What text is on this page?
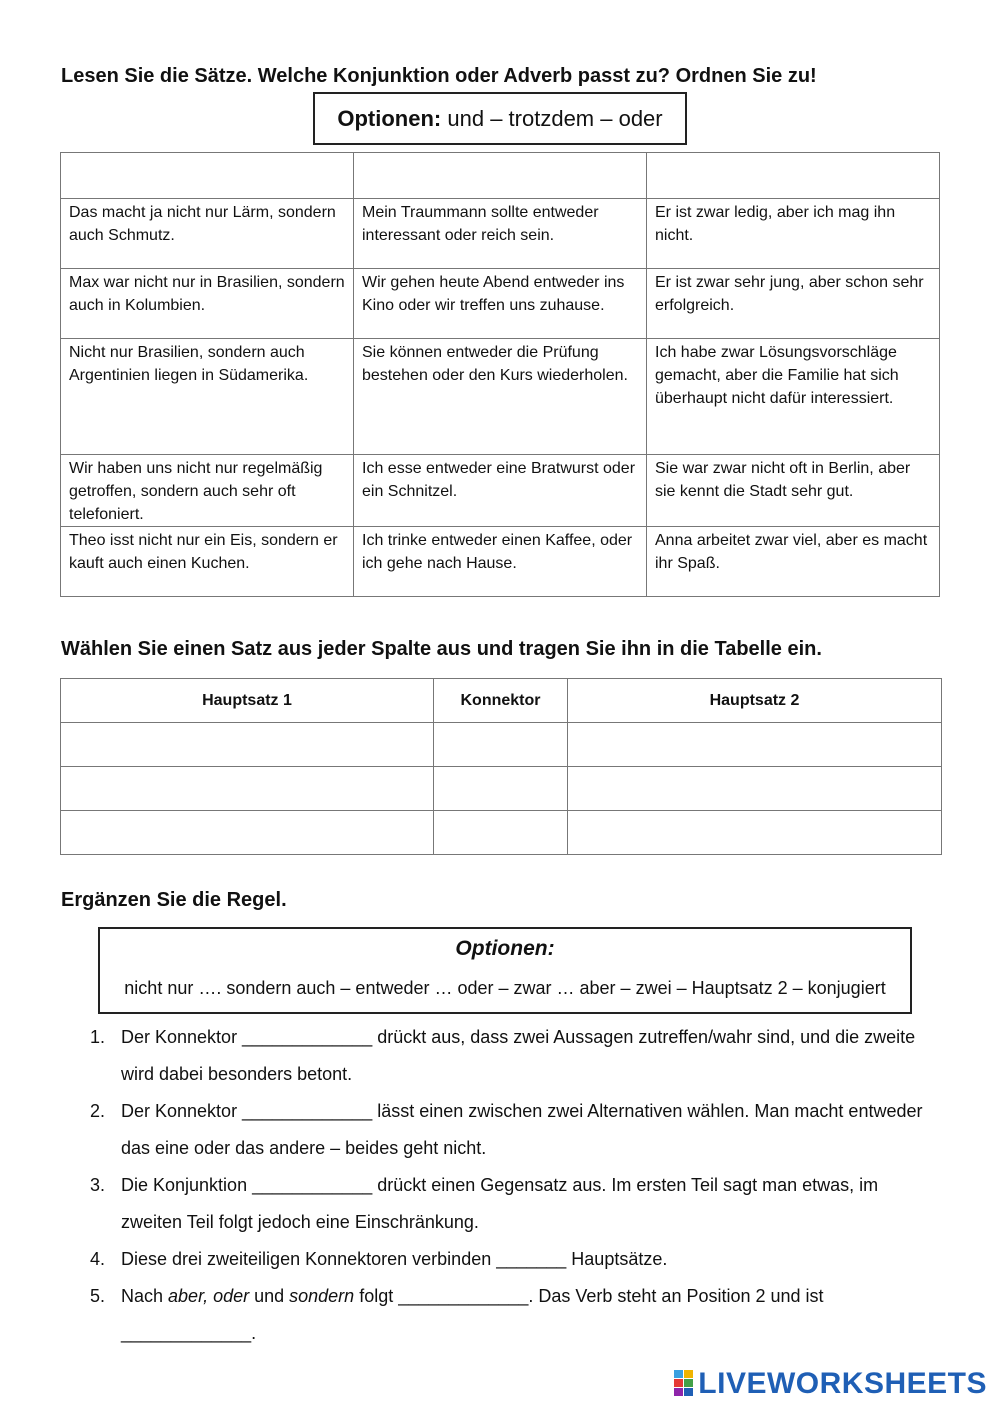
Lesen Sie die Sätze. Welche Konjunktion oder Adverb passt zu? Ordnen Sie zu!
Optionen: und – trotzdem – oder

Das macht ja nicht nur Lärm, sondern auch Schmutz.	Mein Traummann sollte entweder interessant oder reich sein.	Er ist zwar ledig, aber ich mag ihn nicht.
Max war nicht nur in Brasilien, sondern auch in Kolumbien.	Wir gehen heute Abend entweder ins Kino oder wir treffen uns zuhause.	Er ist zwar sehr jung, aber schon sehr erfolgreich.
Nicht nur Brasilien, sondern auch Argentinien liegen in Südamerika.	Sie können entweder die Prüfung bestehen oder den Kurs wiederholen.	Ich habe zwar Lösungsvorschläge gemacht, aber die Familie hat sich überhaupt nicht dafür interessiert.
Wir haben uns nicht nur regelmäßig getroffen, sondern auch sehr oft telefoniert.	Ich esse entweder eine Bratwurst oder ein Schnitzel.	Sie war zwar nicht oft in Berlin, aber sie kennt die Stadt sehr gut.
Theo isst nicht nur ein Eis, sondern er kauft auch einen Kuchen.	Ich trinke entweder einen Kaffee, oder ich gehe nach Hause.	Anna arbeitet zwar viel, aber es macht ihr Spaß.
Wählen Sie einen Satz aus jeder Spalte aus und tragen Sie ihn in die Tabelle ein.
Hauptsatz 1	Konnektor	Hauptsatz 2

Ergänzen Sie die Regel.
Optionen:
nicht nur …. sondern auch – entweder … oder – zwar … aber – zwei – Hauptsatz 2 – konjugiert
1. Der Konnektor _____________ drückt aus, dass zwei Aussagen zutreffen/wahr sind, und die zweite wird dabei besonders betont.
2. Der Konnektor _____________ lässt einen zwischen zwei Alternativen wählen. Man macht entweder das eine oder das andere – beides geht nicht.
3. Die Konjunktion ____________ drückt einen Gegensatz aus. Im ersten Teil sagt man etwas, im zweiten Teil folgt jedoch eine Einschränkung.
4. Diese drei zweiteiligen Konnektoren verbinden _______ Hauptsätze.
5. Nach aber, oder und sondern folgt _____________. Das Verb steht an Position 2 und ist _____________.
LIVEWORKSHEETS
